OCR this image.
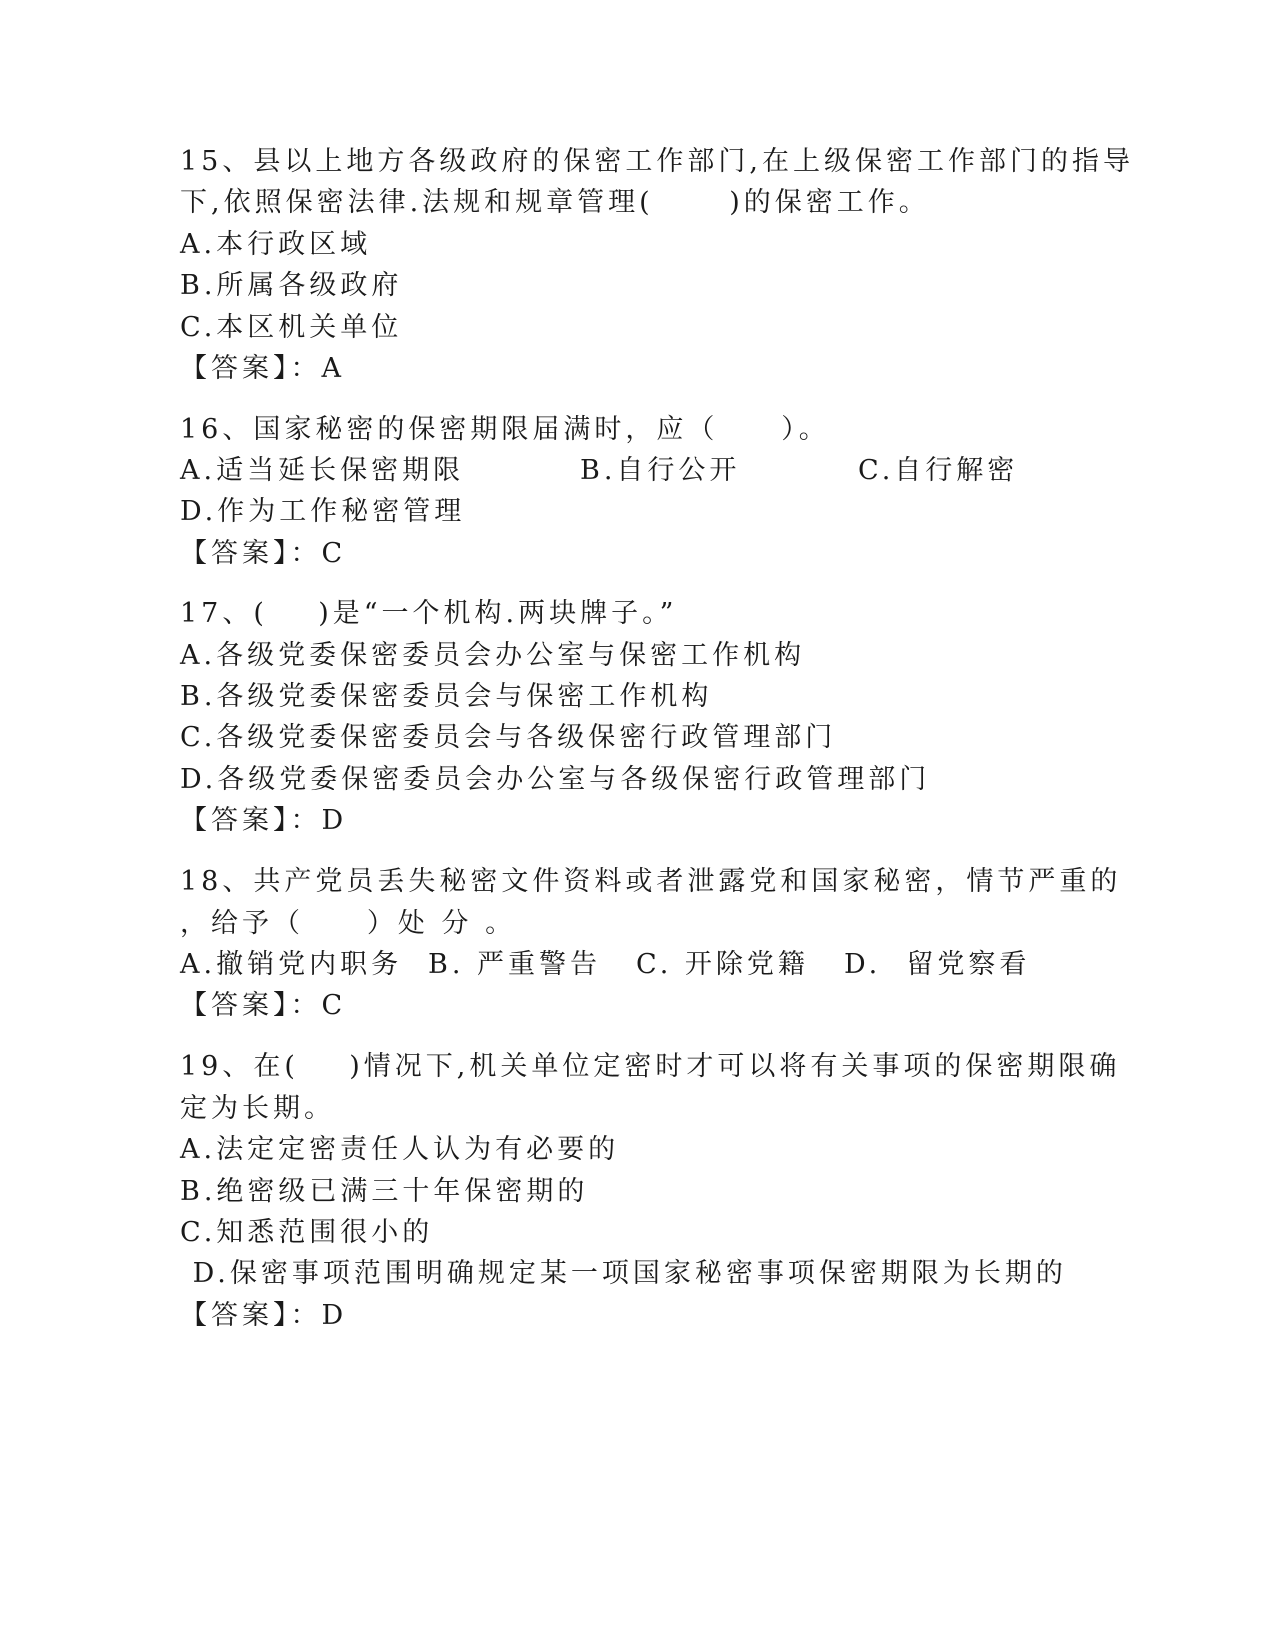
15、县以上地方各级政府的保密工作部门,在上级保密工作部门的指导
下,依照保密法律.法规和规章管理(      )的保密工作。
A.本行政区域
B.所属各级政府
C.本区机关单位
【答案】：A
16、国家秘密的保密期限届满时，应（     ）。
A.适当延长保密期限	B.自行公开	C.自行解密
D.作为工作秘密管理
【答案】：C
17、(    )是“一个机构.两块牌子。”
A.各级党委保密委员会办公室与保密工作机构
B.各级党委保密委员会与保密工作机构
C.各级党委保密委员会与各级保密行政管理部门
D.各级党委保密委员会办公室与各级保密行政管理部门
【答案】：D
18、共产党员丢失秘密文件资料或者泄露党和国家秘密，情节严重的
，给予（     ）处 分 。
A.撤销党内职务 B. 严重警告 C. 开除党籍 D.  留党察看
【答案】：C
19、在(    )情况下,机关单位定密时才可以将有关事项的保密期限确
定为长期。
A.法定定密责任人认为有必要的
B.绝密级已满三十年保密期的
C.知悉范围很小的
D.保密事项范围明确规定某一项国家秘密事项保密期限为长期的
【答案】：D
